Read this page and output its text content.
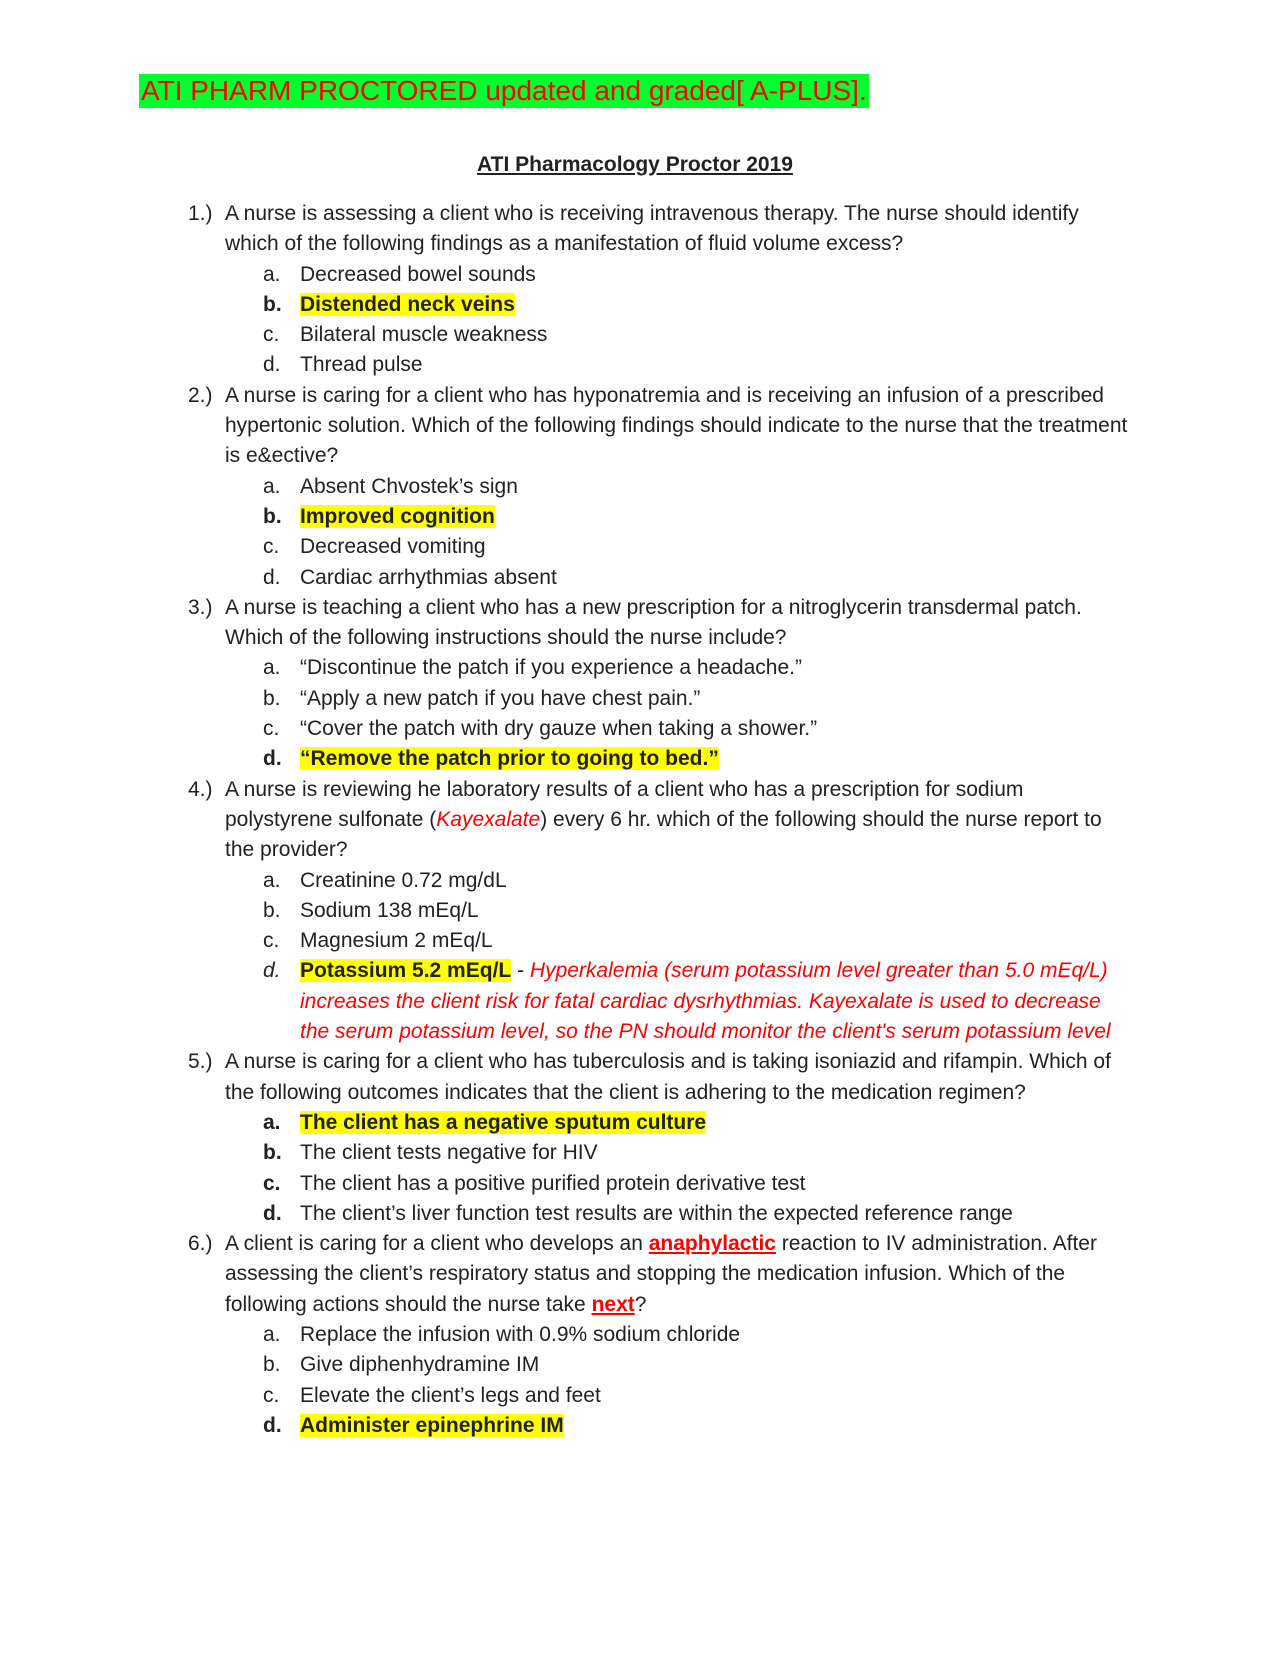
ATI PHARM PROCTORED updated and graded[ A-PLUS].
ATI Pharmacology Proctor 2019
1.) A nurse is assessing a client who is receiving intravenous therapy. The nurse should identify which of the following findings as a manifestation of fluid volume excess?
a. Decreased bowel sounds
b. Distended neck veins
c. Bilateral muscle weakness
d. Thread pulse
2.) A nurse is caring for a client who has hyponatremia and is receiving an infusion of a prescribed hypertonic solution. Which of the following findings should indicate to the nurse that the treatment is e&ective?
a. Absent Chvostek’s sign
b. Improved cognition
c. Decreased vomiting
d. Cardiac arrhythmias absent
3.) A nurse is teaching a client who has a new prescription for a nitroglycerin transdermal patch. Which of the following instructions should the nurse include?
a. “Discontinue the patch if you experience a headache.”
b. “Apply a new patch if you have chest pain.”
c. “Cover the patch with dry gauze when taking a shower.”
d. “Remove the patch prior to going to bed.”
4.) A nurse is reviewing he laboratory results of a client who has a prescription for sodium polystyrene sulfonate (Kayexalate) every 6 hr. which of the following should the nurse report to the provider?
a. Creatinine 0.72 mg/dL
b. Sodium 138 mEq/L
c. Magnesium 2 mEq/L
d. Potassium 5.2 mEq/L - Hyperkalemia (serum potassium level greater than 5.0 mEq/L) increases the client risk for fatal cardiac dysrhythmias. Kayexalate is used to decrease the serum potassium level, so the PN should monitor the client's serum potassium level
5.) A nurse is caring for a client who has tuberculosis and is taking isoniazid and rifampin. Which of the following outcomes indicates that the client is adhering to the medication regimen?
a. The client has a negative sputum culture
b. The client tests negative for HIV
c. The client has a positive purified protein derivative test
d. The client’s liver function test results are within the expected reference range
6.) A client is caring for a client who develops an anaphylactic reaction to IV administration. After assessing the client’s respiratory status and stopping the medication infusion. Which of the following actions should the nurse take next?
a. Replace the infusion with 0.9% sodium chloride
b. Give diphenhydramine IM
c. Elevate the client’s legs and feet
d. Administer epinephrine IM
